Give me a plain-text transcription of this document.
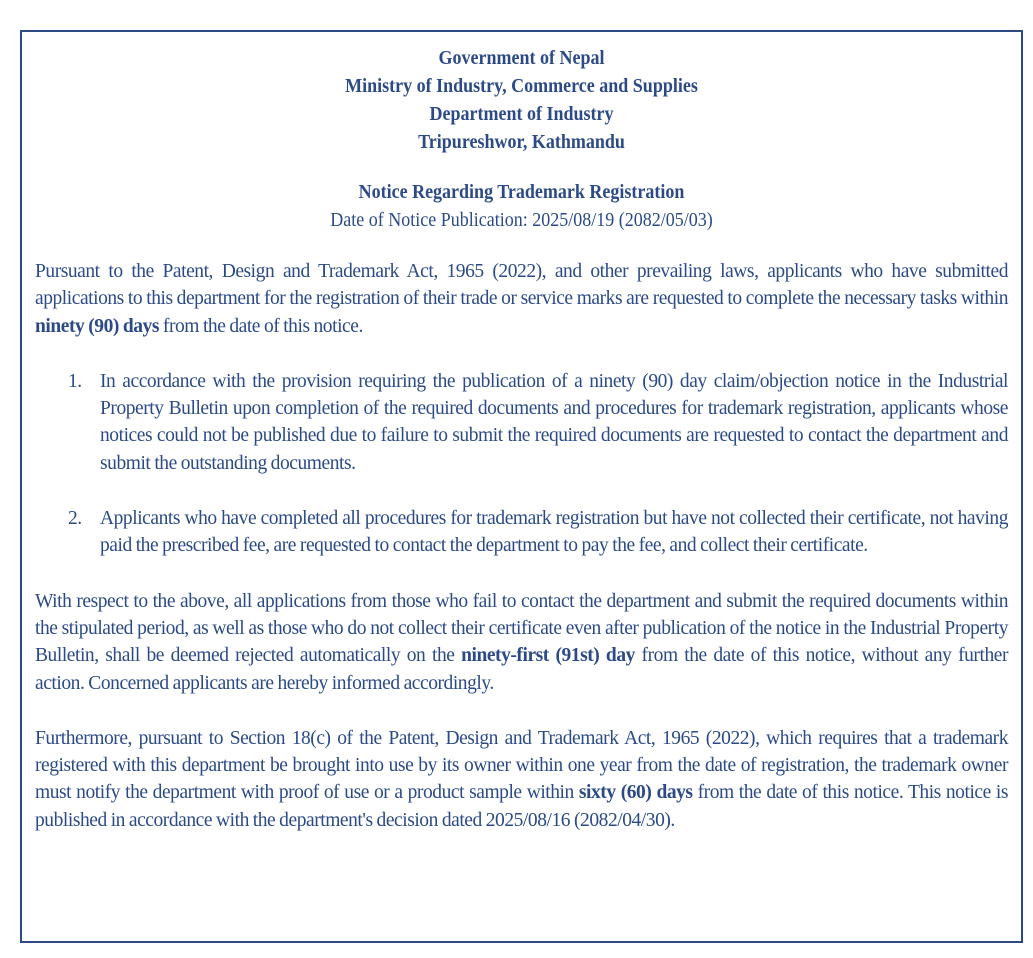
Government of Nepal
Ministry of Industry, Commerce and Supplies
Department of Industry
Tripureshwor, Kathmandu
Notice Regarding Trademark Registration
Date of Notice Publication: 2025/08/19 (2082/05/03)
Pursuant to the Patent, Design and Trademark Act, 1965 (2022), and other prevailing laws, applicants who have submitted applications to this department for the registration of their trade or service marks are requested to complete the necessary tasks within ninety (90) days from the date of this notice.
1. In accordance with the provision requiring the publication of a ninety (90) day claim/objection notice in the Industrial Property Bulletin upon completion of the required documents and procedures for trademark registration, applicants whose notices could not be published due to failure to submit the required documents are requested to contact the department and submit the outstanding documents.
2. Applicants who have completed all procedures for trademark registration but have not collected their certificate, not having paid the prescribed fee, are requested to contact the department to pay the fee, and collect their certificate.
With respect to the above, all applications from those who fail to contact the department and submit the required documents within the stipulated period, as well as those who do not collect their certificate even after publication of the notice in the Industrial Property Bulletin, shall be deemed rejected automatically on the ninety-first (91st) day from the date of this notice, without any further action. Concerned applicants are hereby informed accordingly.
Furthermore, pursuant to Section 18(c) of the Patent, Design and Trademark Act, 1965 (2022), which requires that a trademark registered with this department be brought into use by its owner within one year from the date of registration, the trademark owner must notify the department with proof of use or a product sample within sixty (60) days from the date of this notice. This notice is published in accordance with the department's decision dated 2025/08/16 (2082/04/30).
